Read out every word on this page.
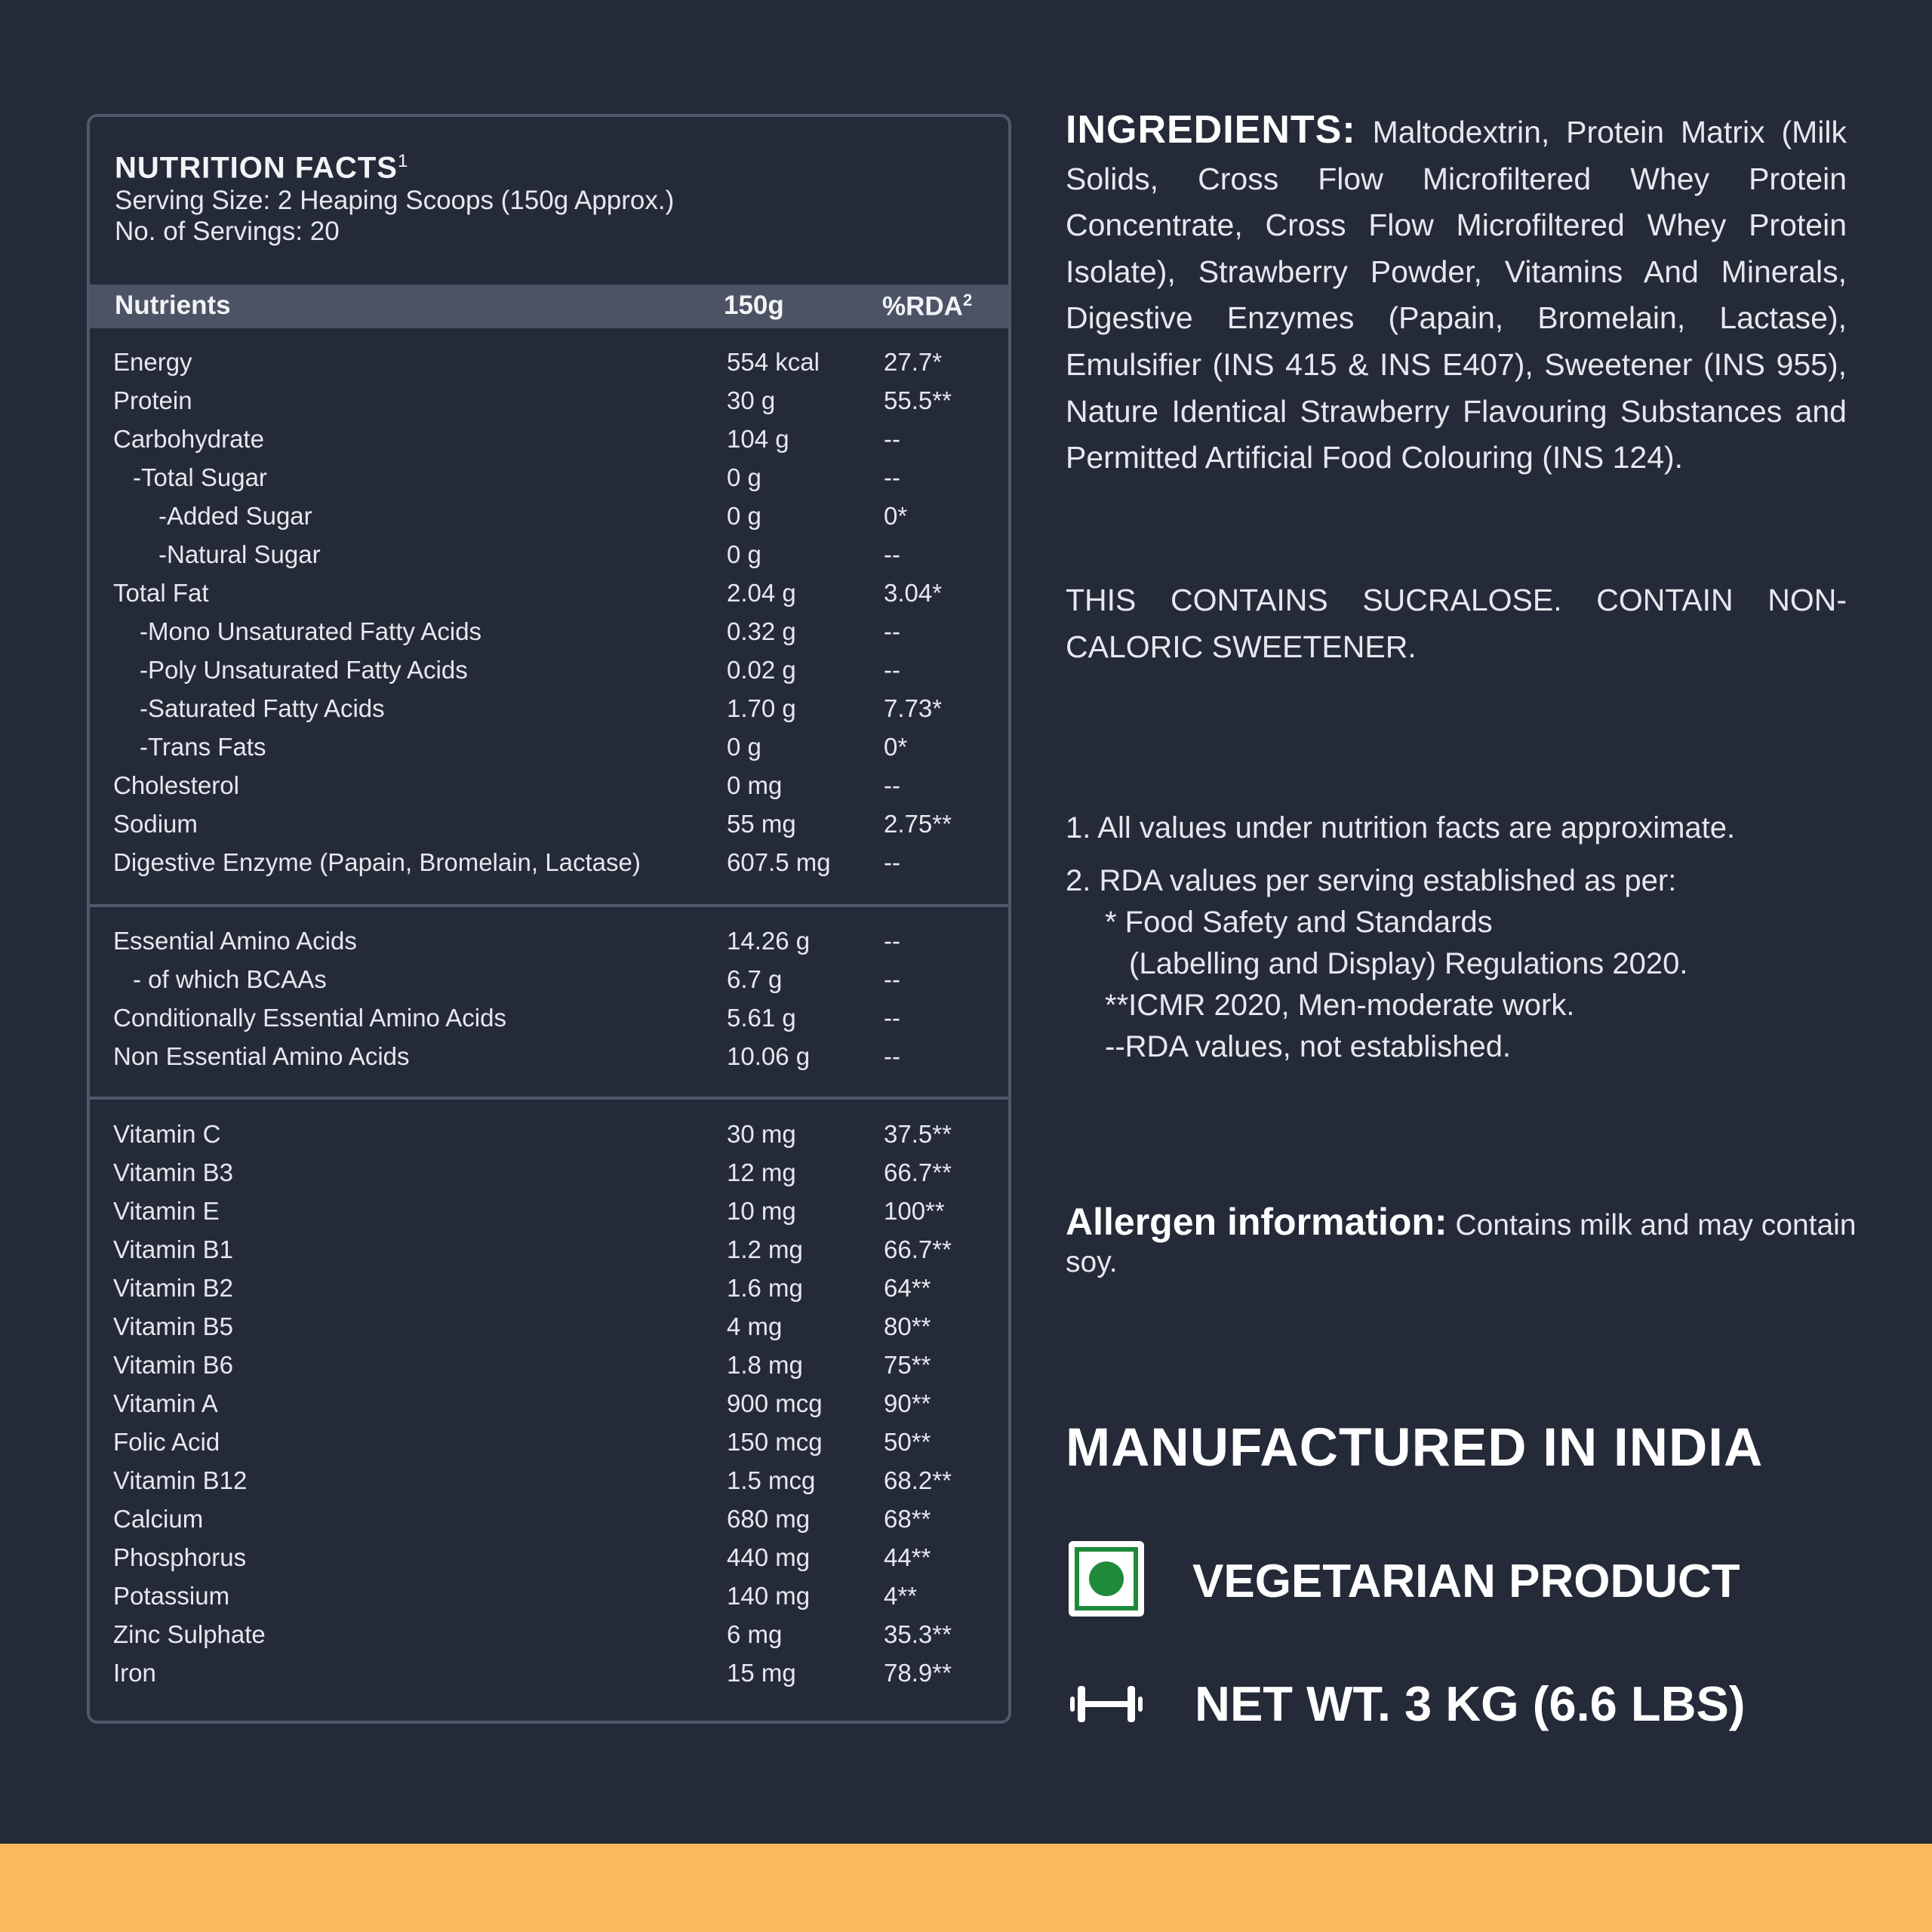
NUTRITION FACTS$^1$
Serving Size: 2 Heaping Scoops (150g Approx.)
No. of Servings: 20
Nutrients	150g	%RDA$^2$
Energy	554 kcal	27.7*
Protein	30 g	55.5**
Carbohydrate	104 g	--
-Total Sugar	0 g	--
-Added Sugar	0 g	0*
-Natural Sugar	0 g	--
Total Fat	2.04 g	3.04*
-Mono Unsaturated Fatty Acids	0.32 g	--
-Poly Unsaturated Fatty Acids	0.02 g	--
-Saturated Fatty Acids	1.70 g	7.73*
-Trans Fats	0 g	0*
Cholesterol	0 mg	--
Sodium	55 mg	2.75**
Digestive Enzyme (Papain, Bromelain, Lactase)	607.5 mg --
Essential Amino Acids	14.26 g	--
- of which BCAAs	6.7 g	--
Conditionally Essential Amino Acids	5.61 g	--
Non Essential Amino Acids	10.06 g	--
Vitamin C	30 mg	37.5**
Vitamin B3	12 mg	66.7**
Vitamin E	10 mg	100**
Vitamin B1	1.2 mg	66.7**
Vitamin B2	1.6 mg	64**
Vitamin B5	4 mg	80**
Vitamin B6	1.8 mg	75**
Vitamin A	900 mcg 90**
Folic Acid	150 mcg 50**
Vitamin B12	1.5 mcg	68.2**
Calcium	680 mg	68**
Phosphorus	440 mg	44**
Potassium	140 mg	4**
Zinc Sulphate	6 mg	35.3**
Iron	15 mg	78.9**
INGREDIENTS: Maltodextrin, Protein Matrix (Milk Solids, Cross Flow Microfiltered Whey Protein Concentrate, Cross Flow Microfiltered Whey Protein Isolate), Strawberry Powder, Vitamins And Minerals, Digestive Enzymes (Papain, Bromelain, Lactase), Emulsifier (INS 415 & INS E407), Sweetener (INS 955), Nature Identical Strawberry Flavouring Substances and Permitted Artificial Food Colouring (INS 124).
THIS CONTAINS SUCRALOSE. CONTAIN NON-CALORIC SWEETENER.
1. All values under nutrition facts are approximate.
2. RDA values per serving established as per:
* Food Safety and Standards
(Labelling and Display) Regulations 2020.
**ICMR 2020, Men-moderate work.
--RDA values, not established.
Allergen information: Contains milk and may contain soy.
MANUFACTURED IN INDIA
VEGETARIAN PRODUCT
NET WT. 3 KG (6.6 LBS)
